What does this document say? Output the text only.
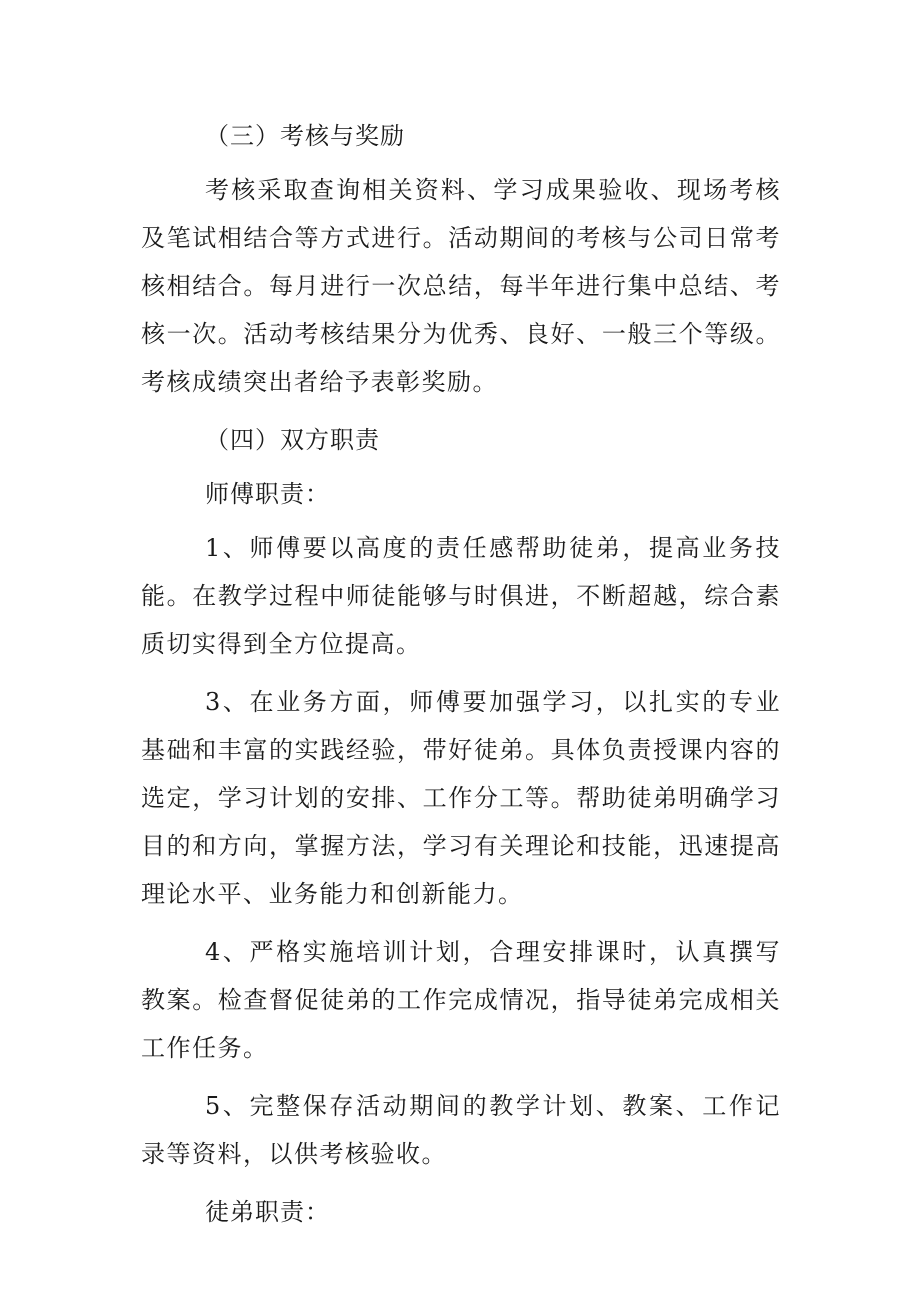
（三）考核与奖励

考核采取查询相关资料、学习成果验收、现场考核及笔试相结合等方式进行。活动期间的考核与公司日常考核相结合。每月进行一次总结，每半年进行集中总结、考核一次。活动考核结果分为优秀、良好、一般三个等级。考核成绩突出者给予表彰奖励。

（四）双方职责

师傅职责：

1、师傅要以高度的责任感帮助徒弟，提高业务技能。在教学过程中师徒能够与时俱进，不断超越，综合素质切实得到全方位提高。

3、在业务方面，师傅要加强学习，以扎实的专业基础和丰富的实践经验，带好徒弟。具体负责授课内容的选定，学习计划的安排、工作分工等。帮助徒弟明确学习目的和方向，掌握方法，学习有关理论和技能，迅速提高理论水平、业务能力和创新能力。

4、严格实施培训计划，合理安排课时，认真撰写教案。检查督促徒弟的工作完成情况，指导徒弟完成相关工作任务。

5、完整保存活动期间的教学计划、教案、工作记录等资料，以供考核验收。

徒弟职责：
